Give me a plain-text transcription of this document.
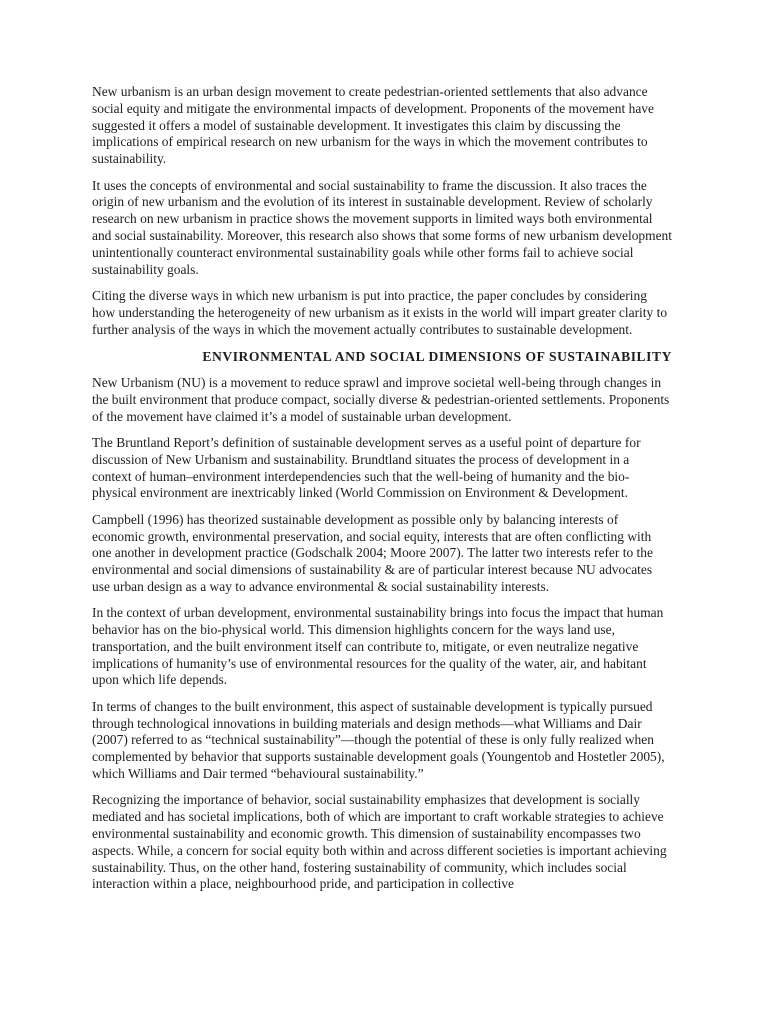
New urbanism is an urban design movement to create pedestrian-oriented settlements that also advance social equity and mitigate the environmental impacts of development. Proponents of the movement have suggested it offers a model of sustainable development. It investigates this claim by discussing the implications of empirical research on new urbanism for the ways in which the movement contributes to sustainability.

It uses the concepts of environmental and social sustainability to frame the discussion. It also traces the origin of new urbanism and the evolution of its interest in sustainable development. Review of scholarly research on new urbanism in practice shows the movement supports in limited ways both environmental and social sustainability. Moreover, this research also shows that some forms of new urbanism development unintentionally counteract environmental sustainability goals while other forms fail to achieve social sustainability goals.

Citing the diverse ways in which new urbanism is put into practice, the paper concludes by considering how understanding the heterogeneity of new urbanism as it exists in the world will impart greater clarity to further analysis of the ways in which the movement actually contributes to sustainable development.

ENVIRONMENTAL AND SOCIAL DIMENSIONS OF SUSTAINABILITY

New Urbanism (NU) is a movement to reduce sprawl and improve societal well-being through changes in the built environment that produce compact, socially diverse & pedestrian-oriented settlements. Proponents of the movement have claimed it’s a model of sustainable urban development.

The Bruntland Report’s definition of sustainable development serves as a useful point of departure for discussion of New Urbanism and sustainability. Brundtland situates the process of development in a context of human–environment interdependencies such that the well-being of humanity and the bio-physical environment are inextricably linked (World Commission on Environment & Development.

Campbell (1996) has theorized sustainable development as possible only by balancing interests of economic growth, environmental preservation, and social equity, interests that are often conflicting with one another in development practice (Godschalk 2004; Moore 2007). The latter two interests refer to the environmental and social dimensions of sustainability & are of particular interest because NU advocates use urban design as a way to advance environmental & social sustainability interests.

In the context of urban development, environmental sustainability brings into focus the impact that human behavior has on the bio-physical world. This dimension highlights concern for the ways land use, transportation, and the built environment itself can contribute to, mitigate, or even neutralize negative implications of humanity’s use of environmental resources for the quality of the water, air, and habitant upon which life depends.

In terms of changes to the built environment, this aspect of sustainable development is typically pursued through technological innovations in building materials and design methods—what Williams and Dair (2007) referred to as “technical sustainability”—though the potential of these is only fully realized when complemented by behavior that supports sustainable development goals (Youngentob and Hostetler 2005), which Williams and Dair termed “behavioural sustainability.”

Recognizing the importance of behavior, social sustainability emphasizes that development is socially mediated and has societal implications, both of which are important to craft workable strategies to achieve environmental sustainability and economic growth. This dimension of sustainability encompasses two aspects. While, a concern for social equity both within and across different societies is important achieving sustainability. Thus, on the other hand, fostering sustainability of community, which includes social interaction within a place, neighbourhood pride, and participation in collective
